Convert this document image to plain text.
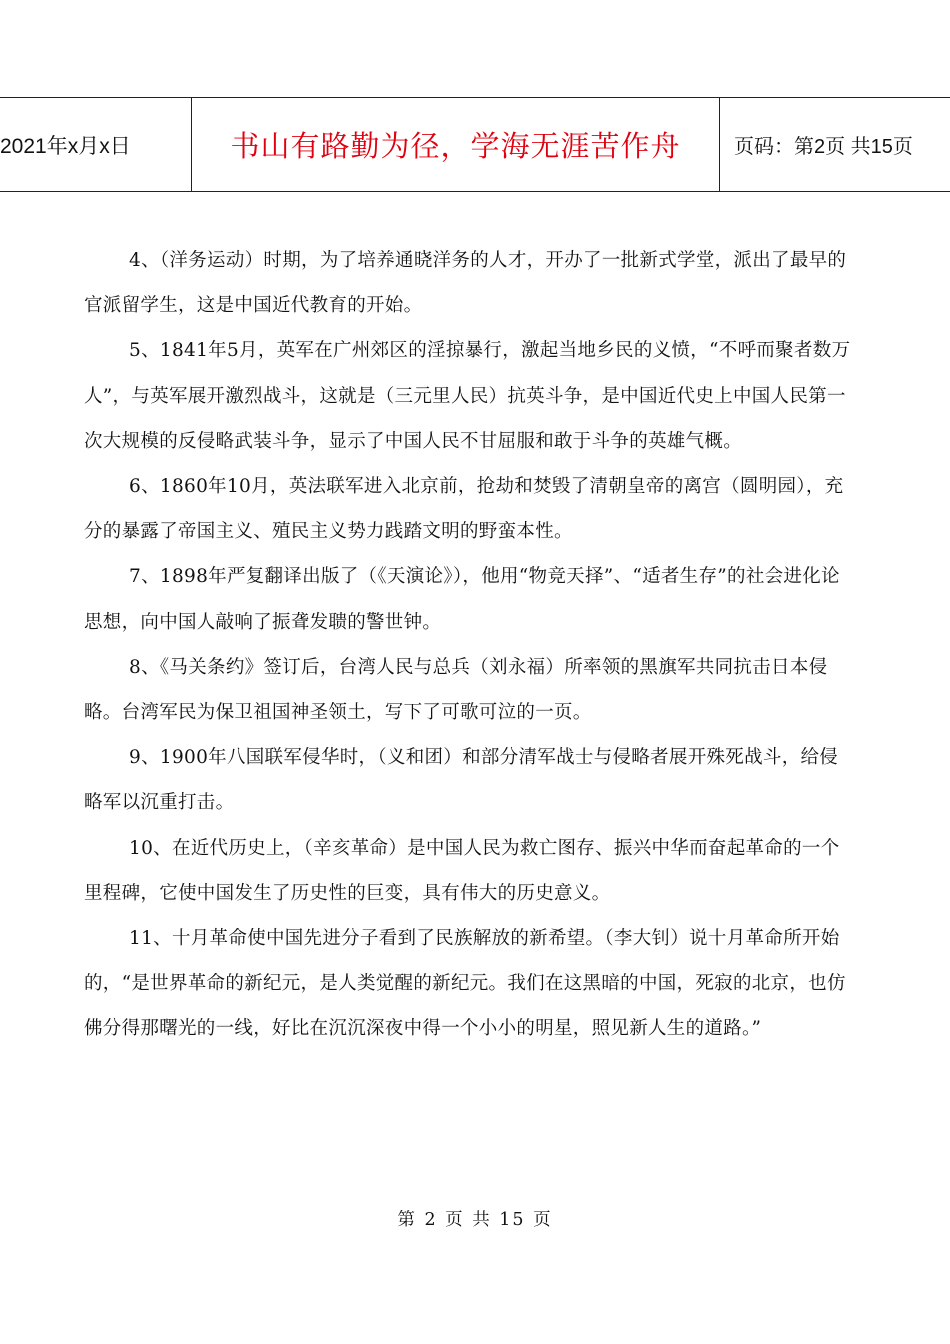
2021年x月x日	书山有路勤为径，学海无涯苦作舟	页码：第2页 共15页

4、（洋务运动）时期，为了培养通晓洋务的人才，开办了一批新式学堂，派出了最早的官派留学生，这是中国近代教育的开始。

5、1841年5月，英军在广州郊区的淫掠暴行，激起当地乡民的义愤，“不呼而聚者数万人”，与英军展开激烈战斗，这就是（三元里人民）抗英斗争，是中国近代史上中国人民第一次大规模的反侵略武装斗争，显示了中国人民不甘屈服和敢于斗争的英雄气概。

6、1860年10月，英法联军进入北京前，抢劫和焚毁了清朝皇帝的离宫（圆明园），充分的暴露了帝国主义、殖民主义势力践踏文明的野蛮本性。

7、1898年严复翻译出版了（《天演论》），他用“物竞天择”、“适者生存”的社会进化论思想，向中国人敲响了振聋发聩的警世钟。

8、《马关条约》签订后，台湾人民与总兵（刘永福）所率领的黑旗军共同抗击日本侵略。台湾军民为保卫祖国神圣领土，写下了可歌可泣的一页。

9、1900年八国联军侵华时，（义和团）和部分清军战士与侵略者展开殊死战斗，给侵略军以沉重打击。

10、在近代历史上，（辛亥革命）是中国人民为救亡图存、振兴中华而奋起革命的一个里程碑，它使中国发生了历史性的巨变，具有伟大的历史意义。

11、十月革命使中国先进分子看到了民族解放的新希望。（李大钊）说十月革命所开始的，“是世界革命的新纪元，是人类觉醒的新纪元。我们在这黑暗的中国，死寂的北京，也仿佛分得那曙光的一线，好比在沉沉深夜中得一个小小的明星，照见新人生的道路。”

第 2 页 共 15 页
